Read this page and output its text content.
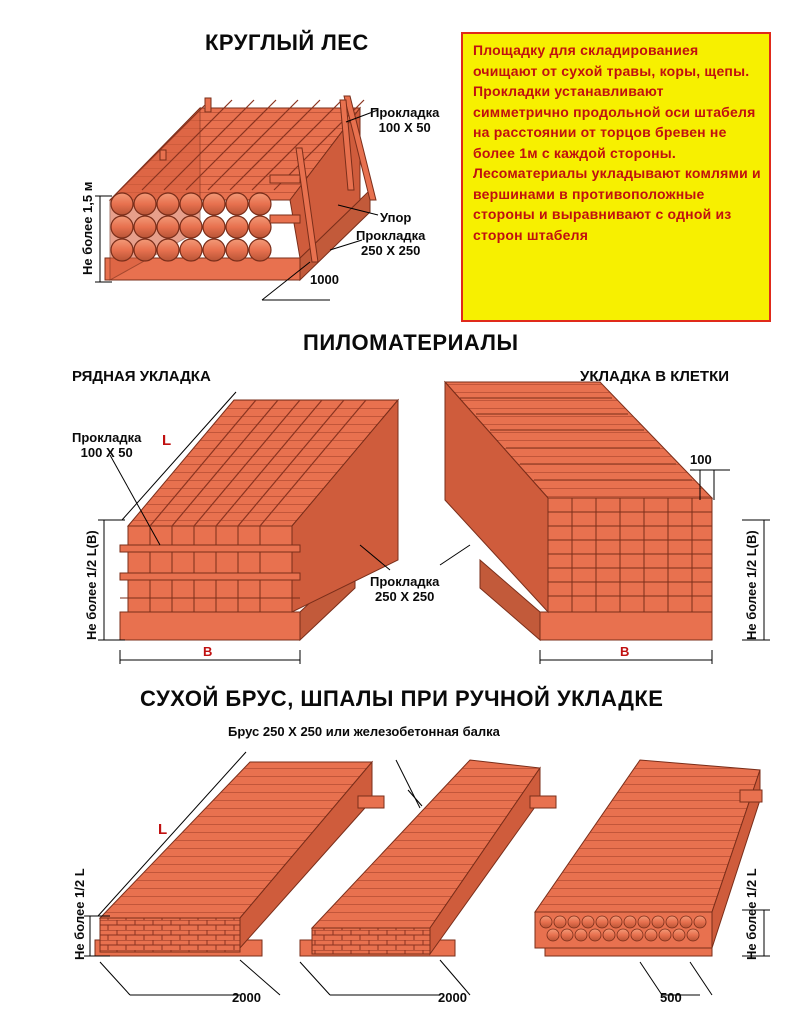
КРУГЛЫЙ ЛЕС
ПИЛОМАТЕРИАЛЫ
СУХОЙ БРУС, ШПАЛЫ ПРИ РУЧНОЙ УКЛАДКЕ

Площадку для складированиея очищают от сухой травы, коры, щепы.

Прокладки устанавливают симметрично продольной оси штабеля на расстоянии от торцов бревен не более 1м с каждой стороны.

Лесоматериалы укладывают комлями и вершинами в противоположные стороны и выравнивают с одной из сторон штабеля

Прокладка
100 Х 50
Упор
Прокладка
250 Х 250
Не более 1,5 м
1000
РЯДНАЯ УКЛАДКА	УКЛАДКА В КЛЕТКИ
Прокладка
100 Х 50
L
Прокладка
250 Х 250
Не более 1/2 L(B)	Не более 1/2 L(B)
B	B
100
Брус 250 Х 250 или железобетонная балка
L
Не более 1/2 L	Не более 1/2 L
2000	2000	500
